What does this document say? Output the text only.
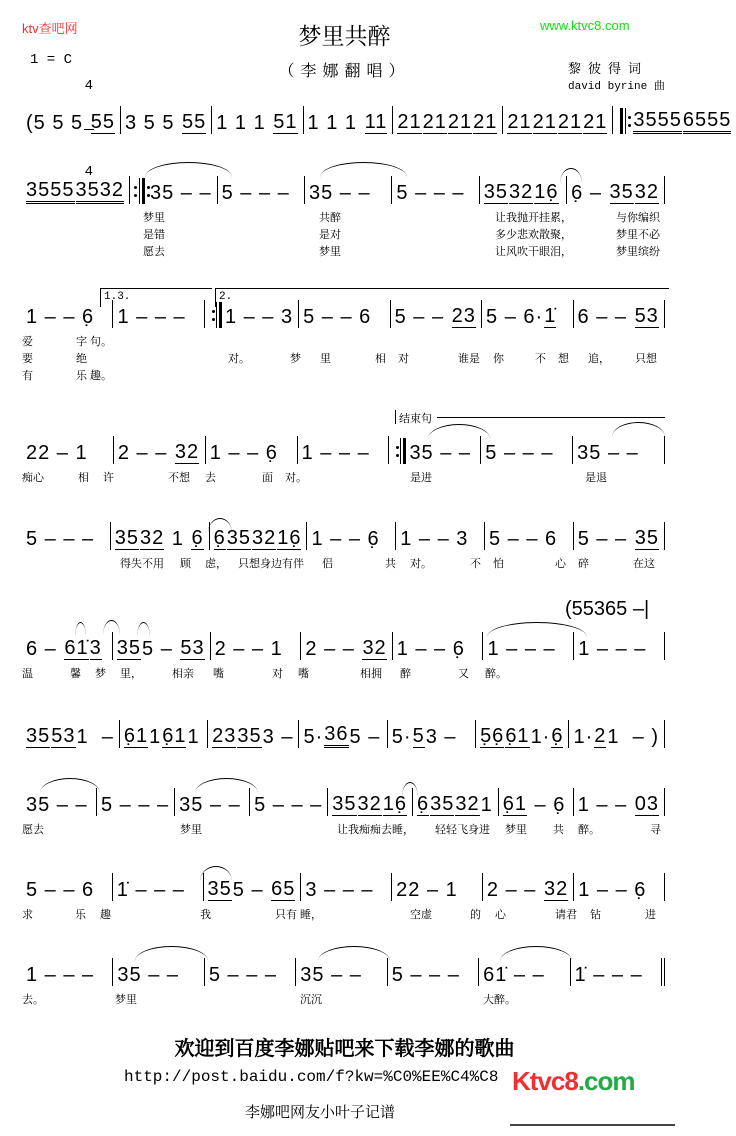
ktv查吧网	梦里共醉	www.ktvc8.com
1 = C

4

4

（李娜翻唱）	黎彼得词
david byrine 曲
(5 5 5 55 3 5 5 55 1 1 1 51 1 1 1 11 21 21 21 21 21 21 21 21 3555 6555
3555 3532 35 – – 5 – – – 35 – – 5 – – – 35 32 16̣ 6̣ – 35 32
梦里	共醉	让我抛开挂累，	与你编织
是错	是对	多少悲欢散聚，	梦里不必
愿去	梦里	让风吹干眼泪，	梦里缤纷
1 – – 6̣ 1 – – – 1 – – 3 5 – – 6 5 – – 23 5 – 6· 1̇ 6 – – 53
爱	字 句。
要	绝	对。	梦 里	相 对	谁是 你	不 想 追， 只想
有	乐 趣。
22 – 1 2 – – 32 1 – – 6̣ 1 – – – 35 – – 5 – – – 35 – –
痴心	相 许	不想 去	面 对。	是进	是退
5 – – – 35 32 1 6̣ 6̣ 35 32 16̣ 1 – – 6̣ 1 – – 3 5 – – 6 5 – – 35
得失不用 顾 虑， 只想身边有伴 侣	共 对。	不 怕	心 碎	在这
6 – 61̇ 3 35 5 – 53 2 – – 1 2 – – 32 1 – – 6̣ 1 – – – 1 – – –
温	馨 梦 里，	相亲 嘴	对 嘴	相拥 醉	又 醉。
35 53 1  – 6̣1 1 6̣1 1 23 35 3 – 5· 36 5 – 5· 5 3 – 5̣6̣ 6̣1 1· 6̣ 1· 2 1  – )
35 – – 5 – – – 35 – – 5 – – – 35 32 16̣ 6̣ 35 32 1 6̣1 – 6̣ 1 – – 03
愿去	梦里	让我痴痴去睡， 轻轻飞身进 梦里 共 醉。	寻
5 – – 6 1̇ – – – 35 5 – 65 3 – – – 22 – 1 2 – – 32 1 – – 6̣
求	乐 趣	我	只有 睡，	空虚	的 心	请君 钻	进
1 – – – 35 – – 5 – – – 35 – – 5 – – – 61̇ – – 1̇ – – –
去。	梦里	沉沉	大醉。
1.3.	2.
结束句
(55365 –|
欢迎到百度李娜贴吧来下载李娜的歌曲
http://post.baidu.com/f?kw=%C0%EE%C4%C8
李娜吧网友小叶子记谱
Ktvc8.com
